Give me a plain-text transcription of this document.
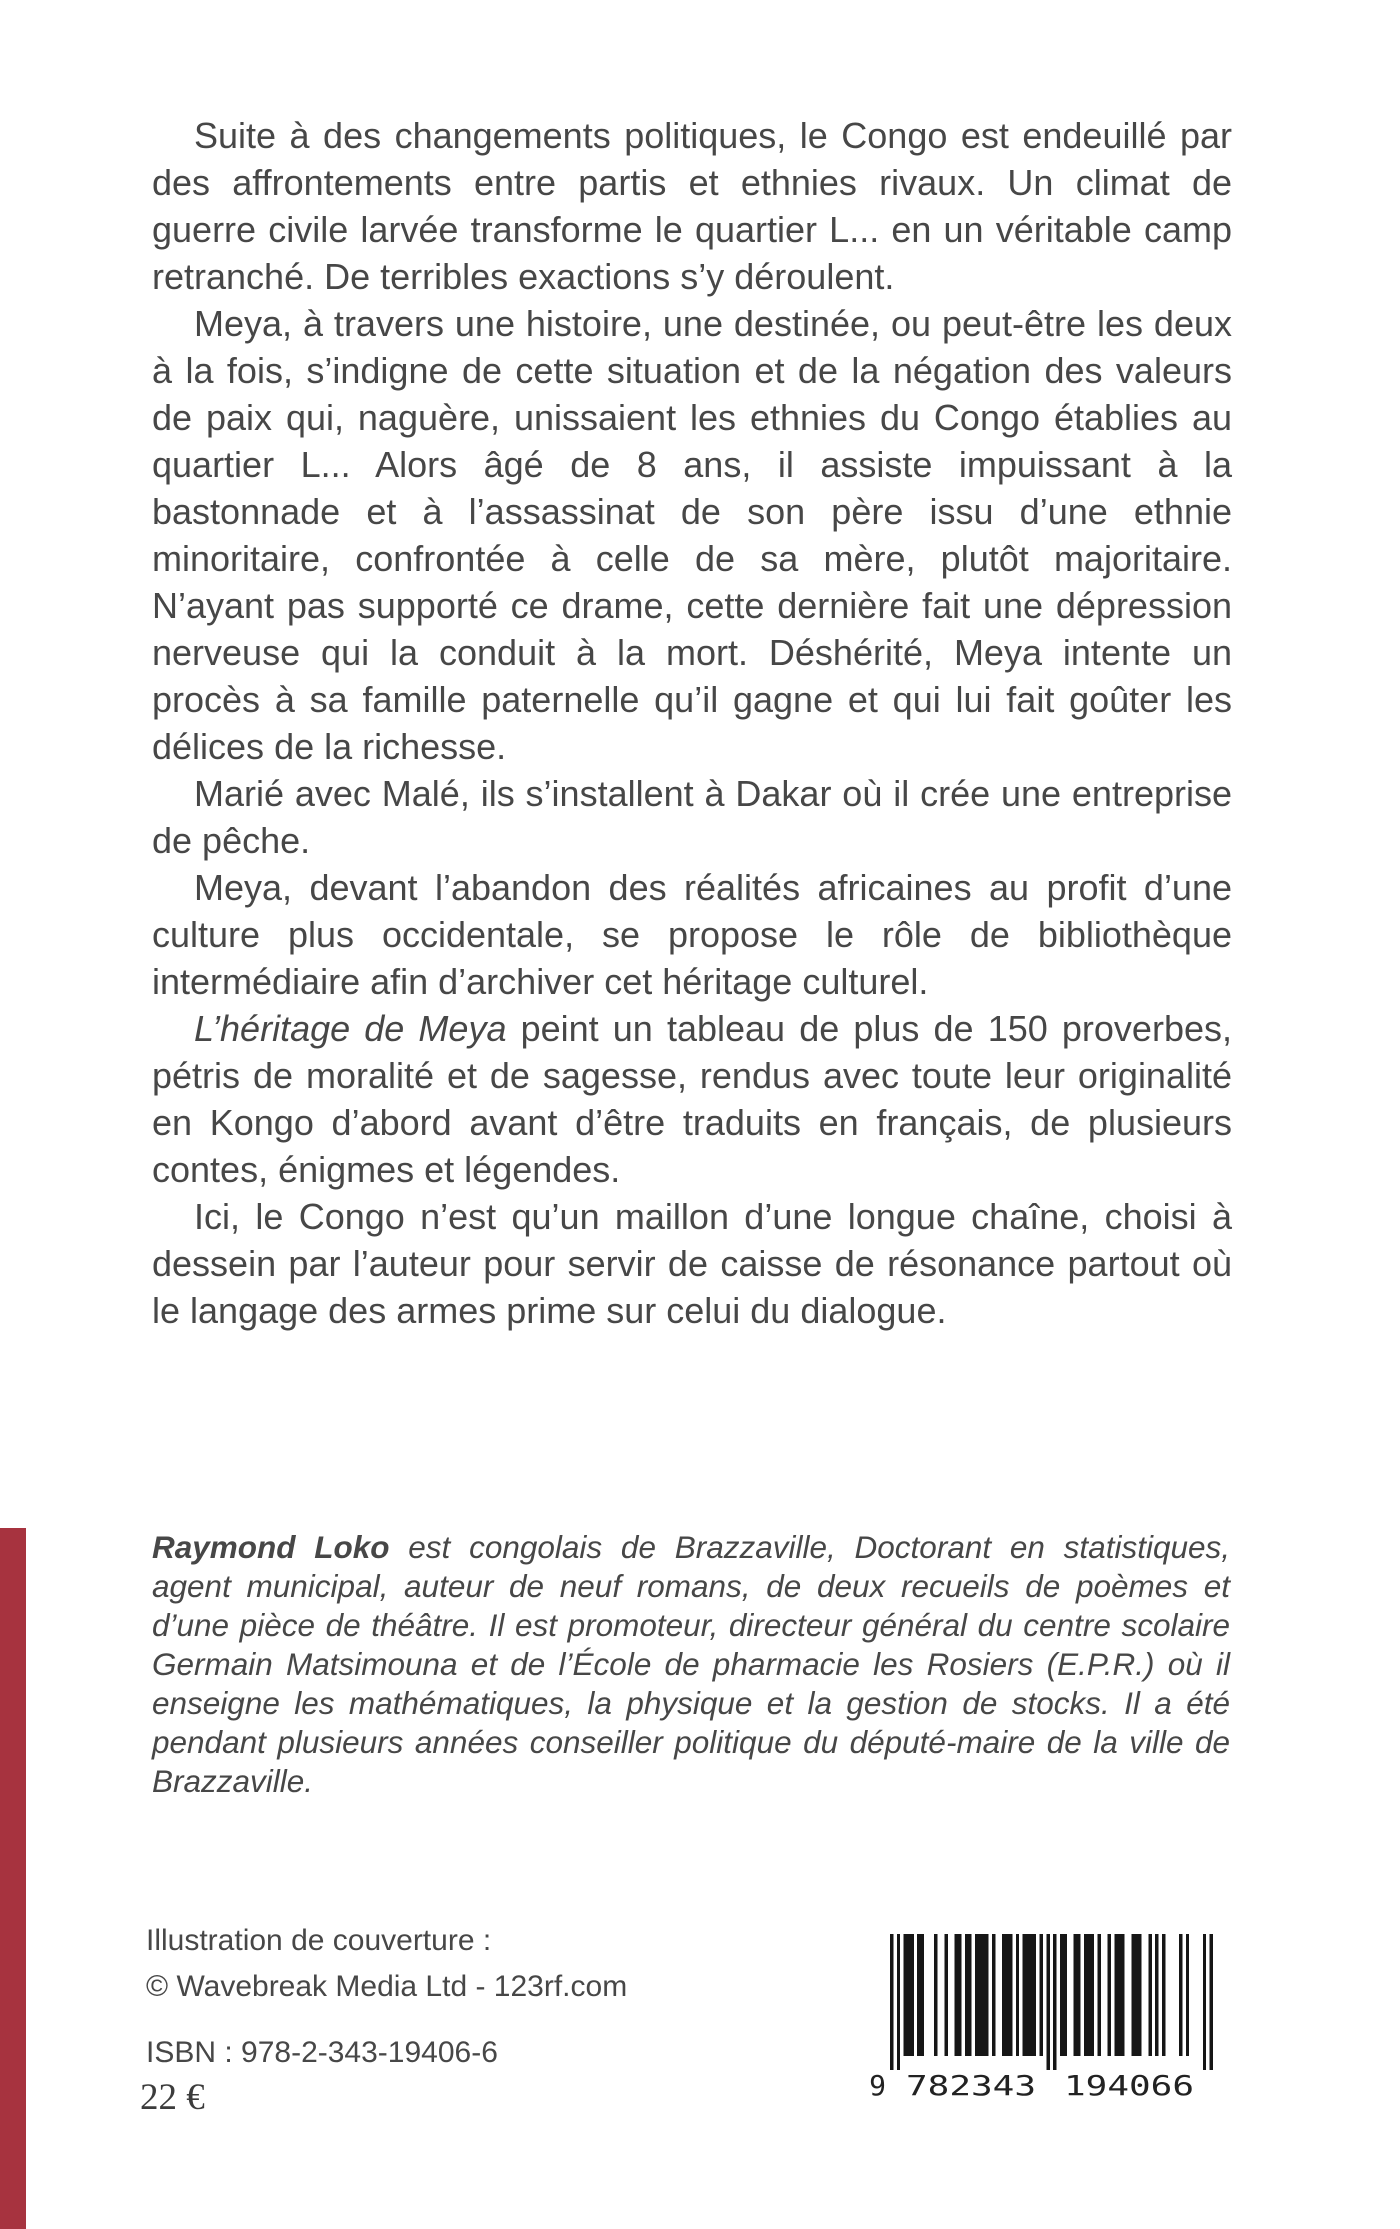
Suite à des changements politiques, le Congo est endeuillé par des affrontements entre partis et ethnies rivaux. Un climat de guerre civile larvée transforme le quartier L... en un véritable camp retranché. De terribles exactions s’y déroulent.

Meya, à travers une histoire, une destinée, ou peut-être les deux à la fois, s’indigne de cette situation et de la négation des valeurs de paix qui, naguère, unissaient les ethnies du Congo établies au quartier L... Alors âgé de 8 ans, il assiste impuissant à la bastonnade et à l’assassinat de son père issu d’une ethnie minoritaire, confrontée à celle de sa mère, plutôt majoritaire. N’ayant pas supporté ce drame, cette dernière fait une dépression nerveuse qui la conduit à la mort. Déshérité, Meya intente un procès à sa famille paternelle qu’il gagne et qui lui fait goûter les délices de la richesse.

Marié avec Malé, ils s’installent à Dakar où il crée une entreprise de pêche.

Meya, devant l’abandon des réalités africaines au profit d’une culture plus occidentale, se propose le rôle de bibliothèque intermédiaire afin d’archiver cet héritage culturel.

L’héritage de Meya peint un tableau de plus de 150 proverbes, pétris de moralité et de sagesse, rendus avec toute leur originalité en Kongo d’abord avant d’être traduits en français, de plusieurs contes, énigmes et légendes.

Ici, le Congo n’est qu’un maillon d’une longue chaîne, choisi à dessein par l’auteur pour servir de caisse de résonance partout où le langage des armes prime sur celui du dialogue.

Raymond Loko est congolais de Brazzaville, Doctorant en statistiques, agent municipal, auteur de neuf romans, de deux recueils de poèmes et d’une pièce de théâtre. Il est promoteur, directeur général du centre scolaire Germain Matsimouna et de l’École de pharmacie les Rosiers (E.P.R.) où il enseigne les mathématiques, la physique et la gestion de stocks. Il a été pendant plusieurs années conseiller politique du député-maire de la ville de Brazzaville.

Illustration de couverture :
© Wavebreak Media Ltd - 123rf.com
ISBN : 978-2-343-19406-6
22 €	9 782343 194066
